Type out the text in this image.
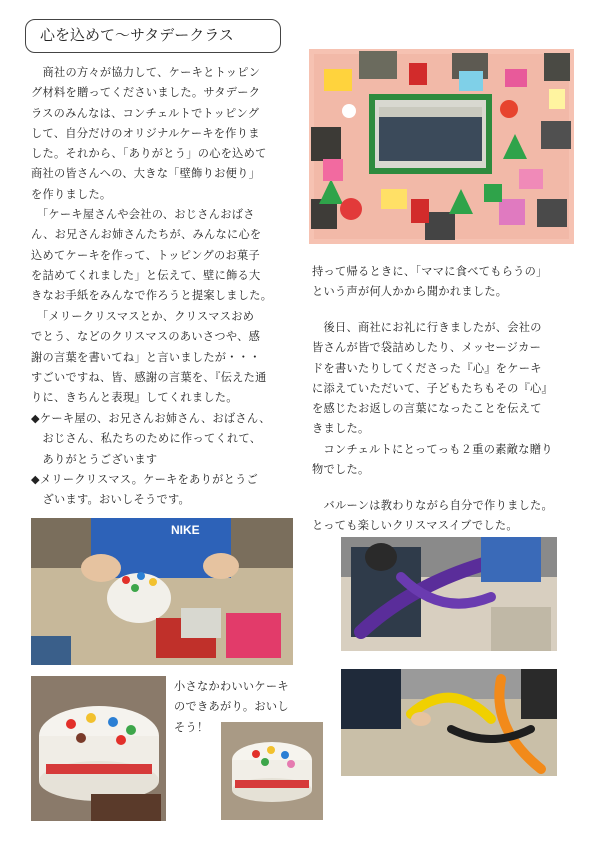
心を込めて～サタデークラス

　商社の方々が協力して、ケーキとトッピン
グ材料を贈ってくださいました。サタデーク
ラスのみんなは、コンチェルトでトッピング
して、自分だけのオリジナルケーキを作りま
した。それから、「ありがとう」の心を込めて
商社の皆さんへの、大きな「壁飾りお便り」
を作りました。

　「ケーキ屋さんや会社の、おじさんおばさ
ん、お兄さんお姉さんたちが、みんなに心を
込めてケーキを作って、トッピングのお菓子
を詰めてくれました」と伝えて、壁に飾る大
きなお手紙をみんなで作ろうと提案しました。

　「メリークリスマスとか、クリスマスおめ
でとう、などのクリスマスのあいさつや、感
謝の言葉を書いてね」と言いましたが・・・
すごいですね、皆、感謝の言葉を、『伝えた通
りに、きちんと表現』してくれました。

◆ケーキ屋の、お兄さんお姉さん、おばさん、
　おじさん、私たちのために作ってくれて、
　ありがとうございます
◆メリークリスマス。ケーキをありがとうご
　ざいます。おいしそうです。

持って帰るときに、「ママに食べてもらうの」
という声が何人かから聞かれました。

　後日、商社にお礼に行きましたが、会社の
皆さんが皆で袋詰めしたり、メッセージカー
ドを書いたりしてくださった『心』をケーキ
に添えていただいて、子どもたちもその『心』
を感じたお返しの言葉になったことを伝えて
きました。
　コンチェルトにとってっも２重の素敵な贈り
物でした。

　バルーンは教わりながら自分で作りました。
とっても楽しいクリスマスイブでした。

NIKE

小さなかわいいケーキ
のできあがり。おいし
そう！
